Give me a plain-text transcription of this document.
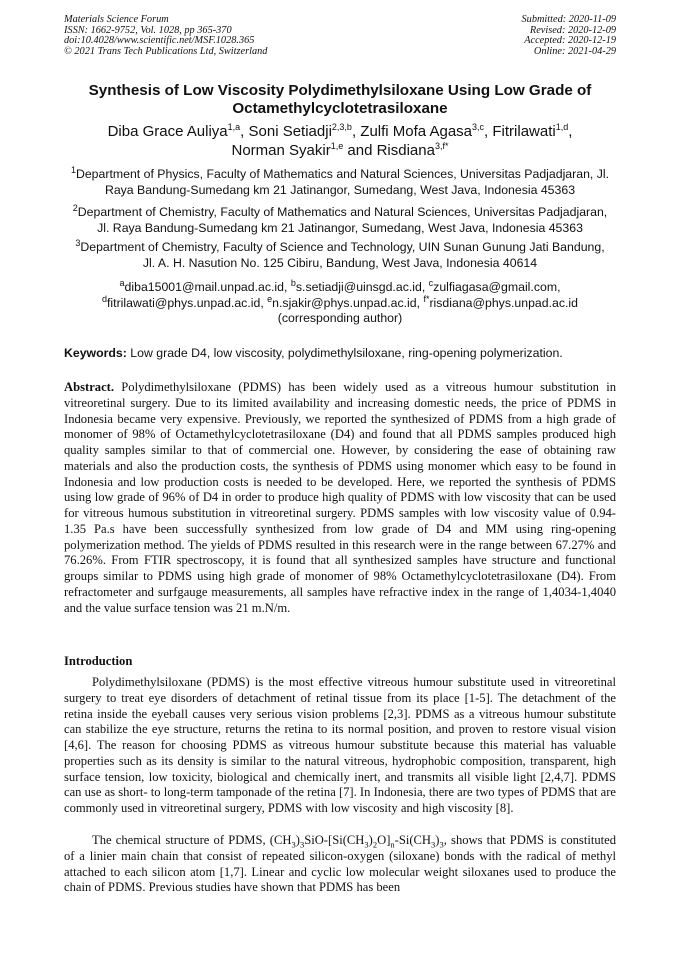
Materials Science Forum
ISSN: 1662-9752, Vol. 1028, pp 365-370
doi:10.4028/www.scientific.net/MSF.1028.365
© 2021 Trans Tech Publications Ltd, Switzerland
Submitted: 2020-11-09
Revised: 2020-12-09
Accepted: 2020-12-19
Online: 2021-04-29
Synthesis of Low Viscosity Polydimethylsiloxane Using Low Grade of
Octamethylcyclotetrasiloxane
Diba Grace Auliya$^{1,a}$, Soni Setiadji$^{2,3,b}$, Zulfi Mofa Agasa$^{3,c}$, Fitrilawati$^{1,d}$,
Norman Syakir$^{1,e}$ and Risdiana$^{3,f*}$
$^1$Department of Physics, Faculty of Mathematics and Natural Sciences, Universitas Padjadjaran, Jl.
Raya Bandung-Sumedang km 21 Jatinangor, Sumedang, West Java, Indonesia 45363
$^2$Department of Chemistry, Faculty of Mathematics and Natural Sciences, Universitas Padjadjaran,
Jl. Raya Bandung-Sumedang km 21 Jatinangor, Sumedang, West Java, Indonesia 45363
$^3$Department of Chemistry, Faculty of Science and Technology, UIN Sunan Gunung Jati Bandung,
Jl. A. H. Nasution No. 125 Cibiru, Bandung, West Java, Indonesia 40614
$^a$diba15001@mail.unpad.ac.id, $^b$s.setiadji@uinsgd.ac.id, $^c$zulfiagasa@gmail.com,
$^d$fitrilawati@phys.unpad.ac.id, $^e$n.sjakir@phys.unpad.ac.id, $^{f*}$risdiana@phys.unpad.ac.id
(corresponding author)
Keywords: Low grade D4, low viscosity, polydimethylsiloxane, ring-opening polymerization.
Abstract. Polydimethylsiloxane (PDMS) has been widely used as a vitreous humour substitution in vitreoretinal surgery. Due to its limited availability and increasing domestic needs, the price of PDMS in Indonesia became very expensive. Previously, we reported the synthesized of PDMS from a high grade of monomer of 98% of Octamethylcyclotetrasiloxane (D4) and found that all PDMS samples produced high quality samples similar to that of commercial one. However, by considering the ease of obtaining raw materials and also the production costs, the synthesis of PDMS using monomer which easy to be found in Indonesia and low production costs is needed to be developed. Here, we reported the synthesis of PDMS using low grade of 96% of D4 in order to produce high quality of PDMS with low viscosity that can be used for vitreous humous substitution in vitreoretinal surgery. PDMS samples with low viscosity value of 0.94-1.35 Pa.s have been successfully synthesized from low grade of D4 and MM using ring-opening polymerization method. The yields of PDMS resulted in this research were in the range between 67.27% and 76.26%. From FTIR spectroscopy, it is found that all synthesized samples have structure and functional groups similar to PDMS using high grade of monomer of 98% Octamethylcyclotetrasiloxane (D4). From refractometer and surfgauge measurements, all samples have refractive index in the range of 1,4034-1,4040 and the value surface tension was 21 m.N/m.
Introduction
Polydimethylsiloxane (PDMS) is the most effective vitreous humour substitute used in vitreoretinal surgery to treat eye disorders of detachment of retinal tissue from its place [1-5]. The detachment of the retina inside the eyeball causes very serious vision problems [2,3]. PDMS as a vitreous humour substitute can stabilize the eye structure, returns the retina to its normal position, and proven to restore visual vision [4,6]. The reason for choosing PDMS as vitreous humour substitute because this material has valuable properties such as its density is similar to the natural vitreous, hydrophobic composition, transparent, high surface tension, low toxicity, biological and chemically inert, and transmits all visible light [2,4,7]. PDMS can use as short- to long-term tamponade of the retina [7]. In Indonesia, there are two types of PDMS that are commonly used in vitreoretinal surgery, PDMS with low viscosity and high viscosity [8].
The chemical structure of PDMS, $(CH_3)_3SiO-[Si(CH_3)_2O]_n-Si(CH_3)_3$, shows that PDMS is constituted of a linier main chain that consist of repeated silicon-oxygen (siloxane) bonds with the radical of methyl attached to each silicon atom [1,7]. Linear and cyclic low molecular weight siloxanes used to produce the chain of PDMS. Previous studies have shown that PDMS has been
